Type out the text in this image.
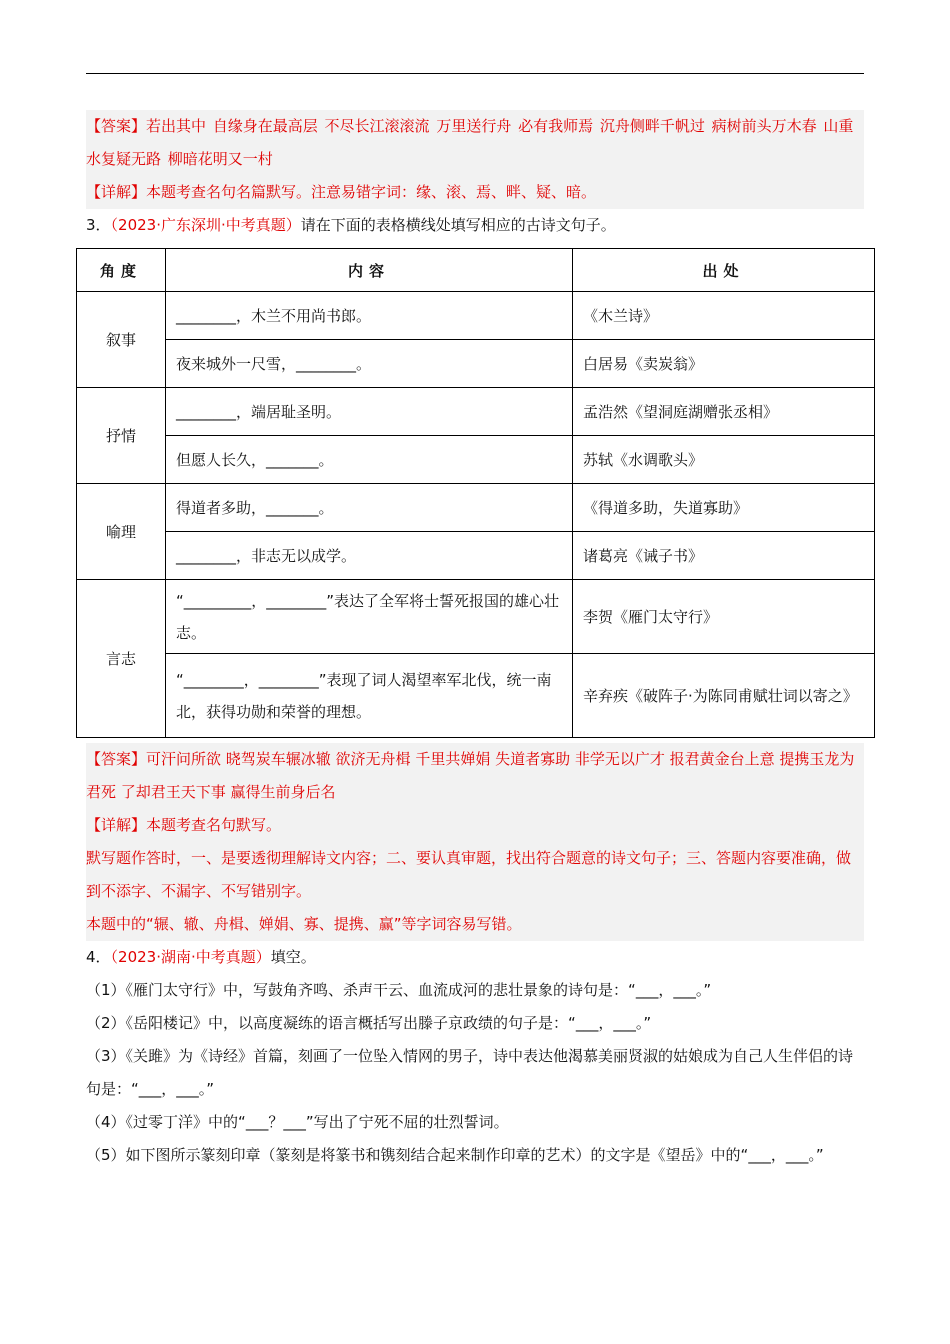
【答案】若出其中 自缘身在最高层 不尽长江滚滚流 万里送行舟 必有我师焉 沉舟侧畔千帆过 病树前头万木春 山重水复疑无路 柳暗花明又一村
【详解】本题考查名句名篇默写。注意易错字词：缘、滚、焉、畔、疑、暗。
3．（2023·广东深圳·中考真题）请在下面的表格横线处填写相应的古诗文句子。
角度	内容	出处
叙事	________，木兰不用尚书郎。	《木兰诗》
	夜来城外一尺雪，________。	白居易《卖炭翁》
抒情	________，端居耻圣明。	孟浩然《望洞庭湖赠张丞相》
	但愿人长久，_______。	苏轼《水调歌头》
喻理	得道者多助，_______。	《得道多助，失道寡助》
	________，非志无以成学。	诸葛亮《诫子书》
言志	“_________，________”表达了全军将士誓死报国的雄心壮志。	李贺《雁门太守行》
	“________，________”表现了词人渴望率军北伐，统一南北，获得功勋和荣誉的理想。	辛弃疾《破阵子·为陈同甫赋壮词以寄之》
【答案】可汗问所欲 晓驾炭车辗冰辙 欲济无舟楫 千里共婵娟 失道者寡助 非学无以广才 报君黄金台上意 提携玉龙为君死 了却君王天下事 赢得生前身后名
【详解】本题考查名句默写。
默写题作答时，一、是要透彻理解诗文内容；二、要认真审题，找出符合题意的诗文句子；三、答题内容要准确，做到不添字、不漏字、不写错别字。
本题中的“辗、辙、舟楫、婵娟、寡、提携、赢”等字词容易写错。
4．（2023·湖南·中考真题）填空。
（1）《雁门太守行》中，写鼓角齐鸣、杀声干云、血流成河的悲壮景象的诗句是：“___，___。”
（2）《岳阳楼记》中，以高度凝练的语言概括写出滕子京政绩的句子是：“___，___。”
（3）《关雎》为《诗经》首篇，刻画了一位坠入情网的男子，诗中表达他渴慕美丽贤淑的姑娘成为自己人生伴侣的诗句是：“___，___。”
（4）《过零丁洋》中的“___？___”写出了宁死不屈的壮烈誓词。
（5）如下图所示篆刻印章（篆刻是将篆书和镌刻结合起来制作印章的艺术）的文字是《望岳》中的“___，___。”
